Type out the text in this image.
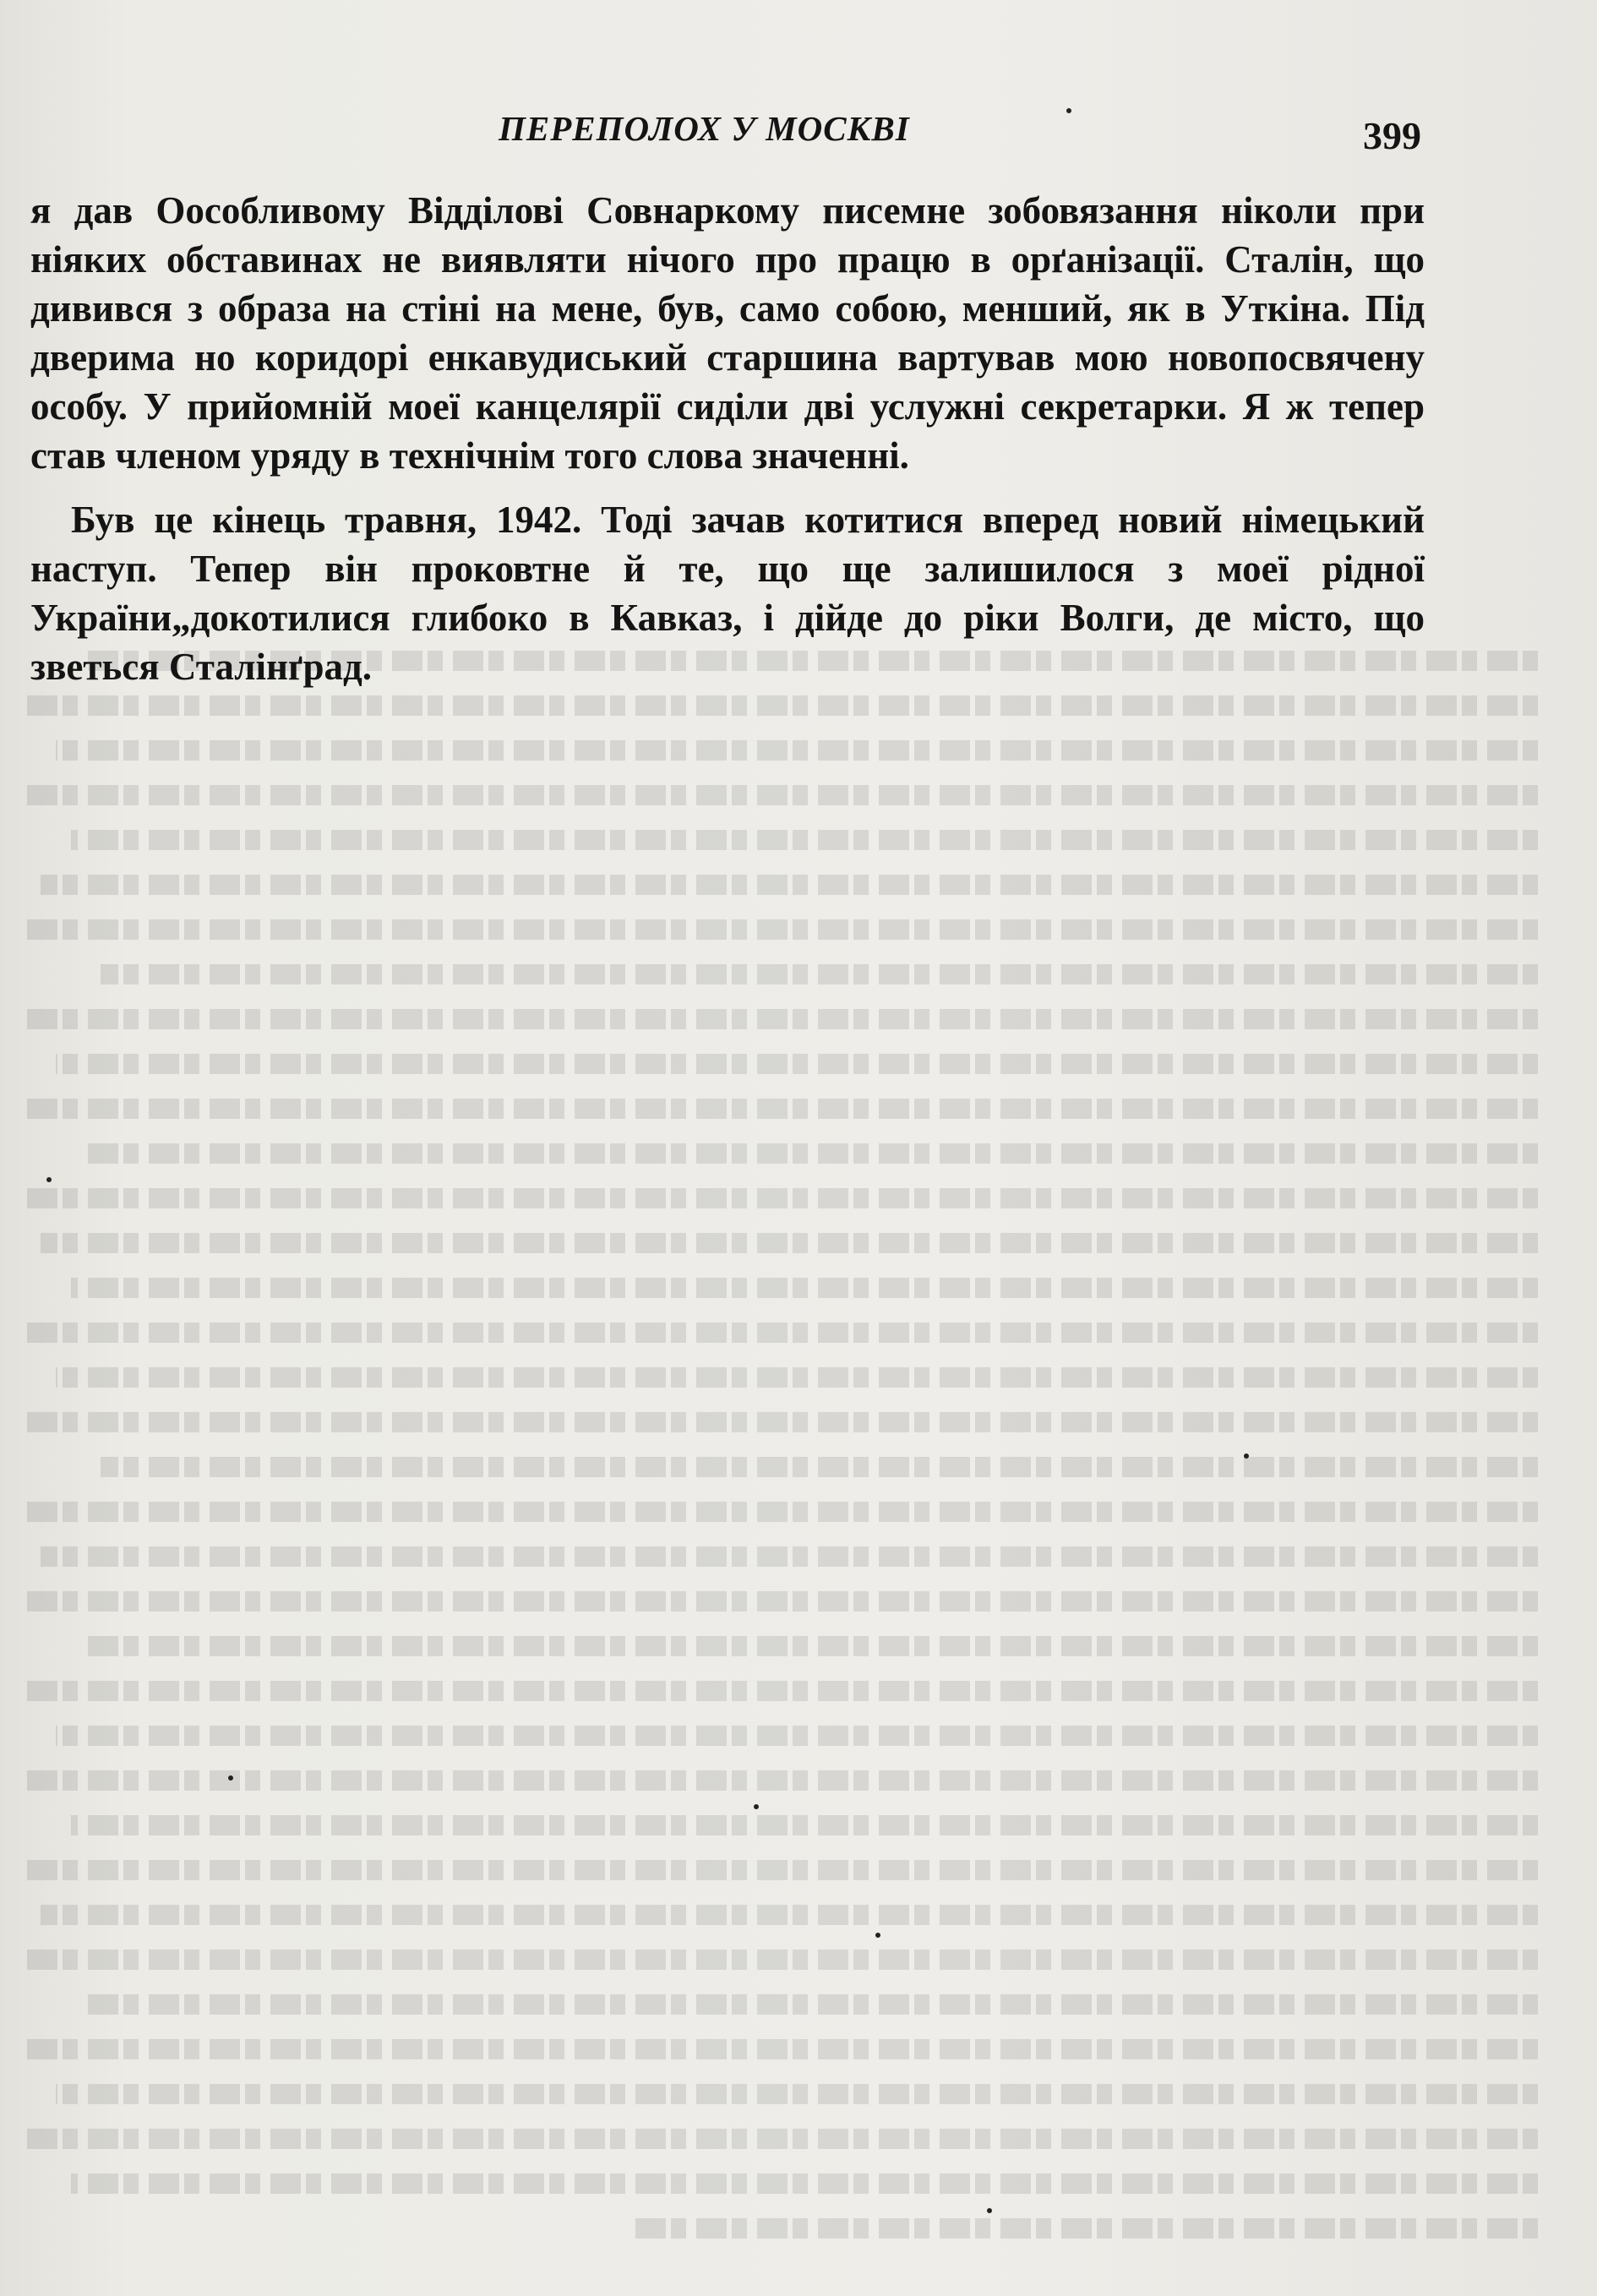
ПЕРЕПОЛОХ У МОСКВІ	399

я дав Оособливому Відділові Совнаркому писемне зобовязання ніколи при ніяких обставинах не виявляти нічого про працю в орґанізації. Сталін, що дивився з образа на стіні на мене, був, само собою, менший, як в Уткіна. Під дверима но коридорі енкавудиський старшина вартував мою новопосвячену особу. У прийомній моеї канцелярії сиділи дві услужні секретарки. Я ж тепер став членом уряду в технічнім того слова значенні.

Був це кінець травня, 1942. Тоді зачав котитися вперед новий німецький наступ. Тепер він проковтне й те, що ще залишилося з моеї рідної України„докотилися глибоко в Кавказ, і дійде до ріки Волги, де місто, що зветься Сталінґрад.
